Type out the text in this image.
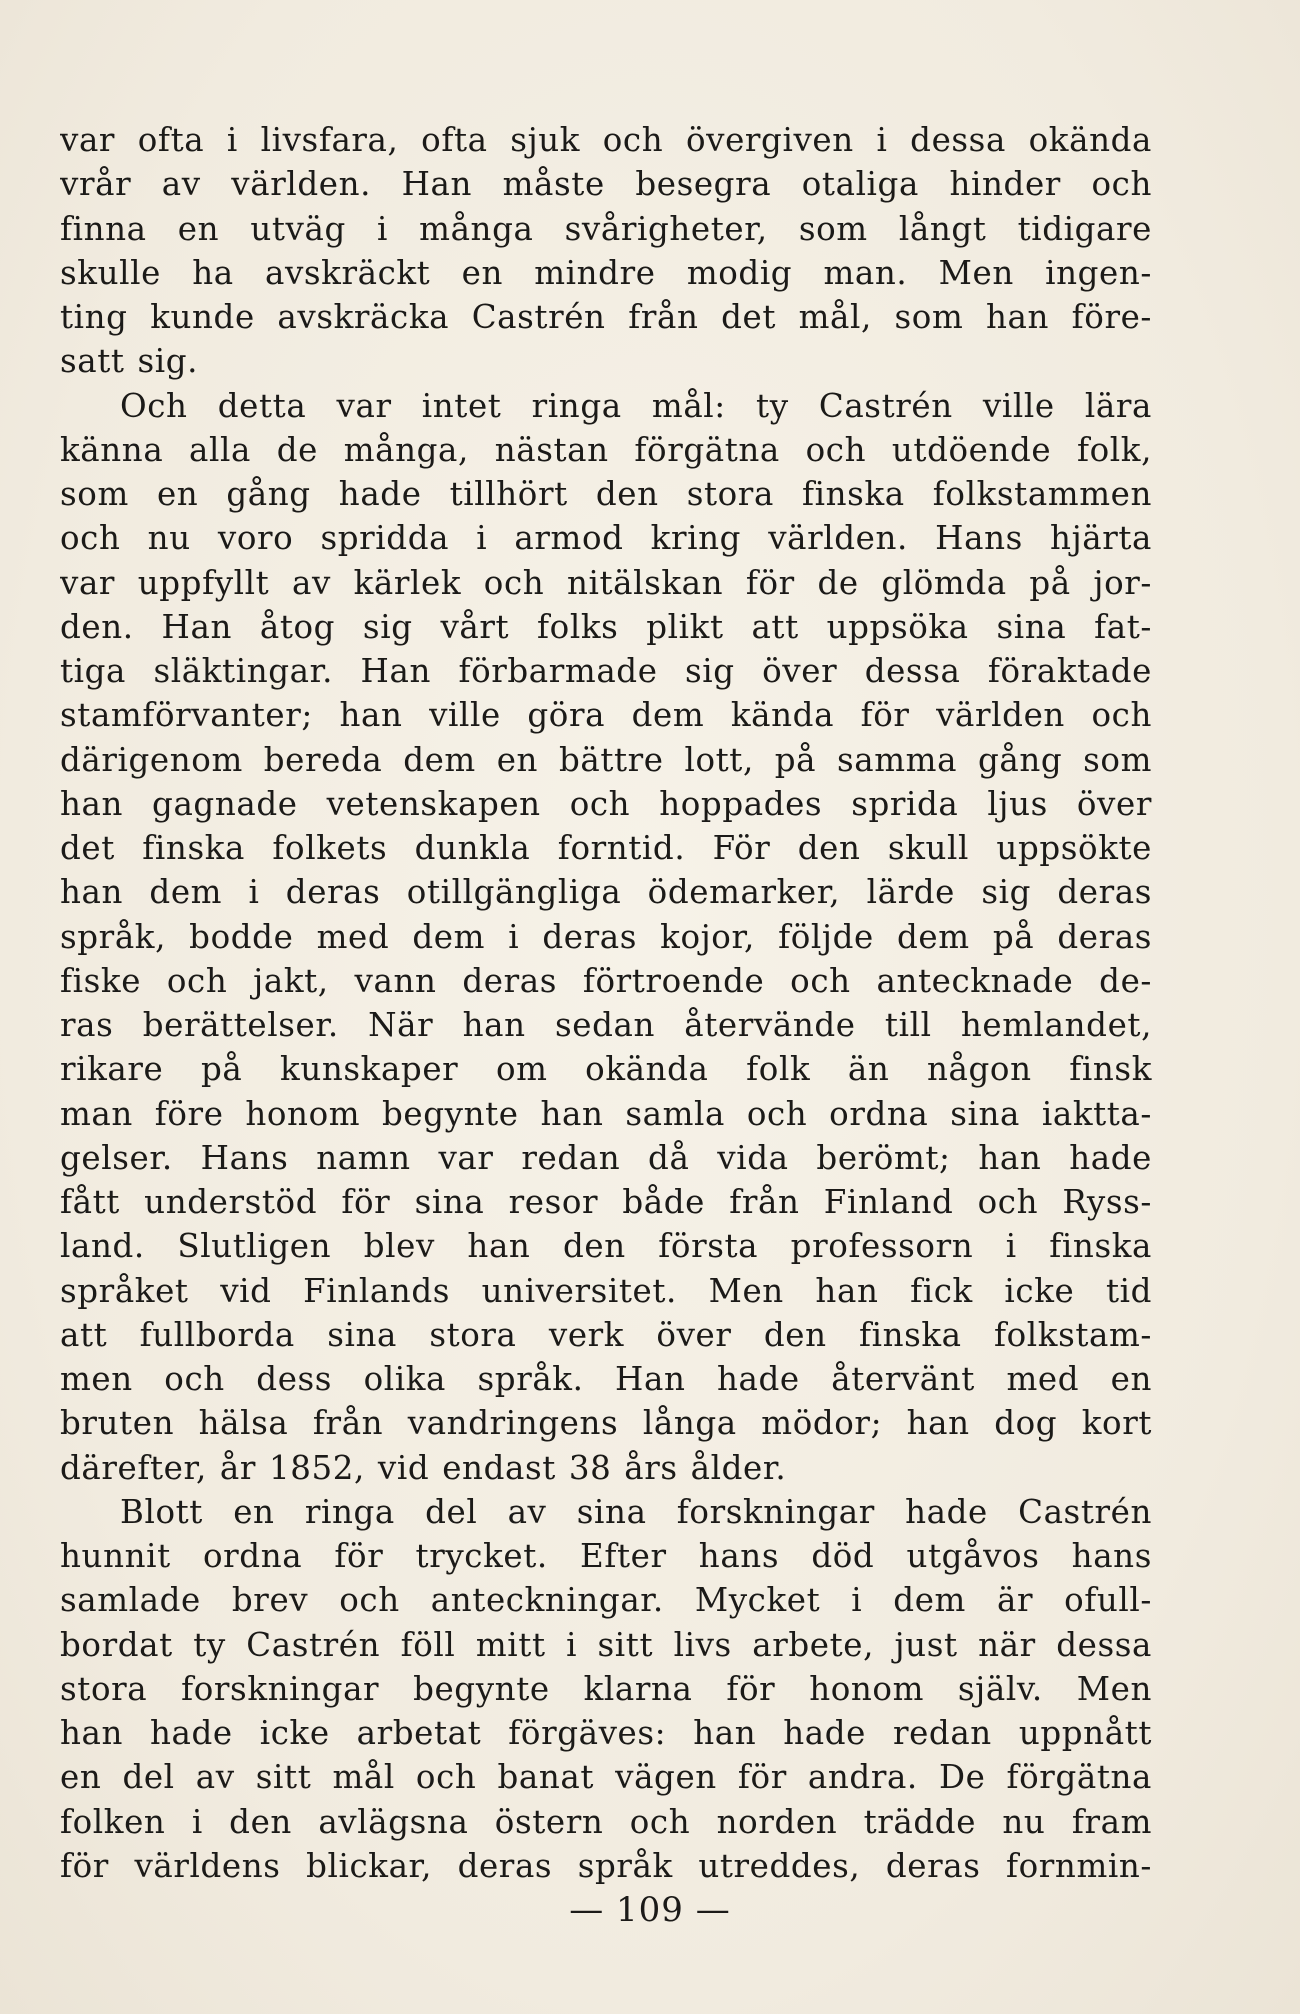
var ofta i livsfara, ofta sjuk och övergiven i dessa okända
vrår av världen. Han måste besegra otaliga hinder och
finna en utväg i många svårigheter, som långt tidigare
skulle ha avskräckt en mindre modig man. Men ingen-
ting kunde avskräcka Castrén från det mål, som han före-
satt sig.
Och detta var intet ringa mål: ty Castrén ville lära
känna alla de många, nästan förgätna och utdöende folk,
som en gång hade tillhört den stora finska folkstammen
och nu voro spridda i armod kring världen. Hans hjärta
var uppfyllt av kärlek och nitälskan för de glömda på jor-
den. Han åtog sig vårt folks plikt att uppsöka sina fat-
tiga släktingar. Han förbarmade sig över dessa föraktade
stamförvanter; han ville göra dem kända för världen och
därigenom bereda dem en bättre lott, på samma gång som
han gagnade vetenskapen och hoppades sprida ljus över
det finska folkets dunkla forntid. För den skull uppsökte
han dem i deras otillgängliga ödemarker, lärde sig deras
språk, bodde med dem i deras kojor, följde dem på deras
fiske och jakt, vann deras förtroende och antecknade de-
ras berättelser. När han sedan återvände till hemlandet,
rikare på kunskaper om okända folk än någon finsk
man före honom begynte han samla och ordna sina iaktta-
gelser. Hans namn var redan då vida berömt; han hade
fått understöd för sina resor både från Finland och Ryss-
land. Slutligen blev han den första professorn i finska
språket vid Finlands universitet. Men han fick icke tid
att fullborda sina stora verk över den finska folkstam-
men och dess olika språk. Han hade återvänt med en
bruten hälsa från vandringens långa mödor; han dog kort
därefter, år 1852, vid endast 38 års ålder.
Blott en ringa del av sina forskningar hade Castrén
hunnit ordna för trycket. Efter hans död utgåvos hans
samlade brev och anteckningar. Mycket i dem är ofull-
bordat ty Castrén föll mitt i sitt livs arbete, just när dessa
stora forskningar begynte klarna för honom själv. Men
han hade icke arbetat förgäves: han hade redan uppnått
en del av sitt mål och banat vägen för andra. De förgätna
folken i den avlägsna östern och norden trädde nu fram
för världens blickar, deras språk utreddes, deras fornmin-
— 109 —
